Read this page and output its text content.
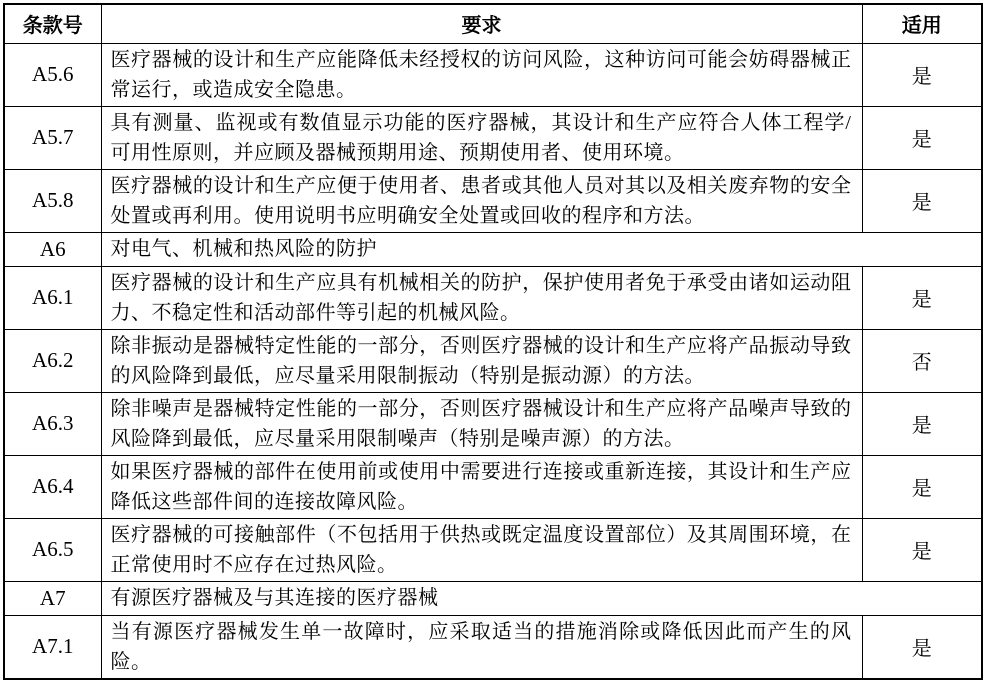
条款号	要求	适用
A5.6	医疗器械的设计和生产应能降低未经授权的访问风险，这种访问可能会妨碍器械正常运行，或造成安全隐患。	是
A5.7	具有测量、监视或有数值显示功能的医疗器械，其设计和生产应符合人体工程学/可用性原则，并应顾及器械预期用途、预期使用者、使用环境。	是
A5.8	医疗器械的设计和生产应便于使用者、患者或其他人员对其以及相关废弃物的安全处置或再利用。使用说明书应明确安全处置或回收的程序和方法。	是
A6	对电气、机械和热风险的防护	
A6.1	医疗器械的设计和生产应具有机械相关的防护，保护使用者免于承受由诸如运动阻力、不稳定性和活动部件等引起的机械风险。	是
A6.2	除非振动是器械特定性能的一部分，否则医疗器械的设计和生产应将产品振动导致的风险降到最低，应尽量采用限制振动（特别是振动源）的方法。	否
A6.3	除非噪声是器械特定性能的一部分，否则医疗器械设计和生产应将产品噪声导致的风险降到最低，应尽量采用限制噪声（特别是噪声源）的方法。	是
A6.4	如果医疗器械的部件在使用前或使用中需要进行连接或重新连接，其设计和生产应降低这些部件间的连接故障风险。	是
A6.5	医疗器械的可接触部件（不包括用于供热或既定温度设置部位）及其周围环境，在正常使用时不应存在过热风险。	是
A7	有源医疗器械及与其连接的医疗器械	
A7.1	当有源医疗器械发生单一故障时，应采取适当的措施消除或降低因此而产生的风险。	是
